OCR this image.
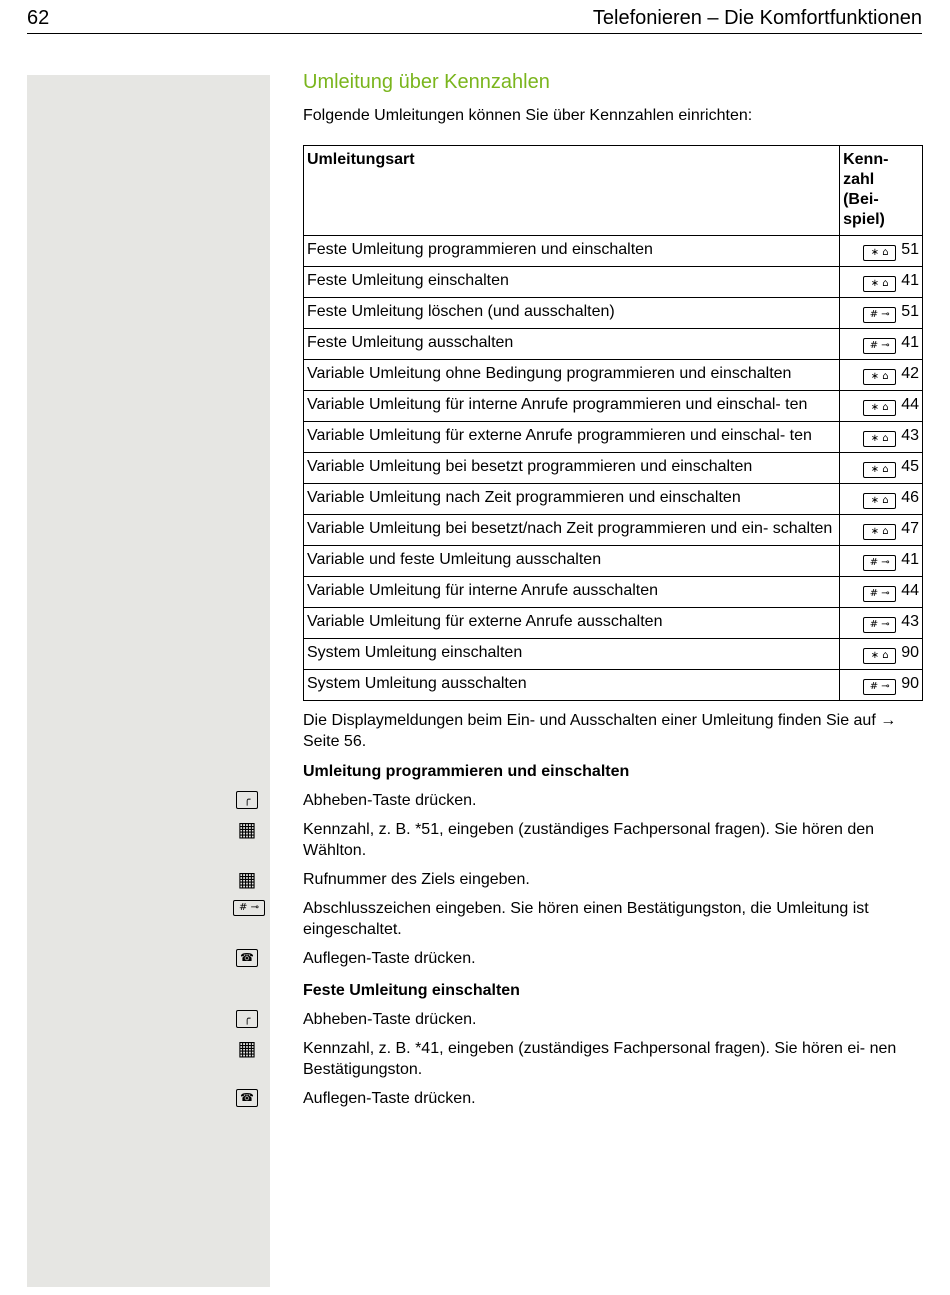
62	Telefonieren – Die Komfortfunktionen
Umleitung über Kennzahlen

Folgende Umleitungen können Sie über Kennzahlen einrichten:

Umleitungsart	Kenn- zahl (Bei- spiel)

Feste Umleitung programmieren und einschalten	∗ ⌂ 51
Feste Umleitung einschalten	∗ ⌂ 41
Feste Umleitung löschen (und ausschalten)	# ⊸ 51
Feste Umleitung ausschalten	# ⊸ 41
Variable Umleitung ohne Bedingung programmieren und einschalten	∗ ⌂ 42
Variable Umleitung für interne Anrufe programmieren und einschal- ten	∗ ⌂ 44
Variable Umleitung für externe Anrufe programmieren und einschal- ten	∗ ⌂ 43
Variable Umleitung bei besetzt programmieren und einschalten	∗ ⌂ 45
Variable Umleitung nach Zeit programmieren und einschalten	∗ ⌂ 46
Variable Umleitung bei besetzt/nach Zeit programmieren und ein- schalten	∗ ⌂ 47
Variable und feste Umleitung ausschalten	# ⊸ 41
Variable Umleitung für interne Anrufe ausschalten	# ⊸ 44
Variable Umleitung für externe Anrufe ausschalten	# ⊸ 43
System Umleitung einschalten	∗ ⌂ 90
System Umleitung ausschalten	# ⊸ 90

Die Displaymeldungen beim Ein- und Ausschalten einer Umleitung finden Sie auf → Seite 56.

Umleitung programmieren und einschalten

╭	Abheben-Taste drücken.
▦	Kennzahl, z. B. *51, eingeben (zuständiges Fachpersonal fragen). Sie hören den Wählton.
▦	Rufnummer des Ziels eingeben.
# ⊸	Abschlusszeichen eingeben. Sie hören einen Bestätigungston, die Umleitung ist eingeschaltet.
☎	Auflegen-Taste drücken.

Feste Umleitung einschalten

╭	Abheben-Taste drücken.
▦	Kennzahl, z. B. *41, eingeben (zuständiges Fachpersonal fragen). Sie hören ei- nen Bestätigungston.
☎	Auflegen-Taste drücken.
